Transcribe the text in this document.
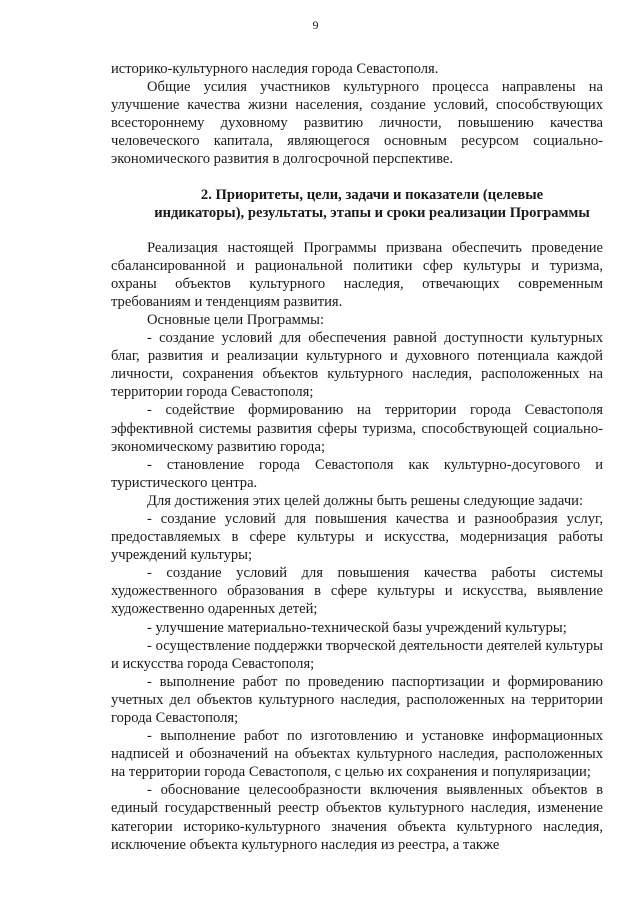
9

историко-культурного наследия города Севастополя.

Общие усилия участников культурного процесса направлены на улучшение качества жизни населения, создание условий, способствующих всестороннему духовному развитию личности, повышению качества человеческого капитала, являющегося основным ресурсом социально-экономического развития в долгосрочной перспективе.

2. Приоритеты, цели, задачи и показатели (целевые
индикаторы), результаты, этапы и сроки реализации Программы

Реализация настоящей Программы призвана обеспечить проведение сбалансированной и рациональной политики сфер культуры и туризма, охраны объектов культурного наследия, отвечающих современным требованиям и тенденциям развития.

Основные цели Программы:

- создание условий для обеспечения равной доступности культурных благ, развития и реализации культурного и духовного потенциала каждой личности, сохранения объектов культурного наследия, расположенных на территории города Севастополя;

- содействие формированию на территории города Севастополя эффективной системы развития сферы туризма, способствующей социально-экономическому развитию города;

- становление города Севастополя как культурно-досугового и туристического центра.

Для достижения этих целей должны быть решены следующие задачи:

- создание условий для повышения качества и разнообразия услуг, предоставляемых в сфере культуры и искусства, модернизация работы учреждений культуры;

- создание условий для повышения качества работы системы художественного образования в сфере культуры и искусства, выявление художественно одаренных детей;

- улучшение материально-технической базы учреждений культуры;

- осуществление поддержки творческой деятельности деятелей культуры и искусства города Севастополя;

- выполнение работ по проведению паспортизации и формированию учетных дел объектов культурного наследия, расположенных на территории города Севастополя;

- выполнение работ по изготовлению и установке информационных надписей и обозначений на объектах культурного наследия, расположенных на территории города Севастополя, с целью их сохранения и популяризации;

- обоснование целесообразности включения выявленных объектов в единый государственный реестр объектов культурного наследия, изменение категории историко-культурного значения объекта культурного наследия, исключение объекта культурного наследия из реестра, а также
